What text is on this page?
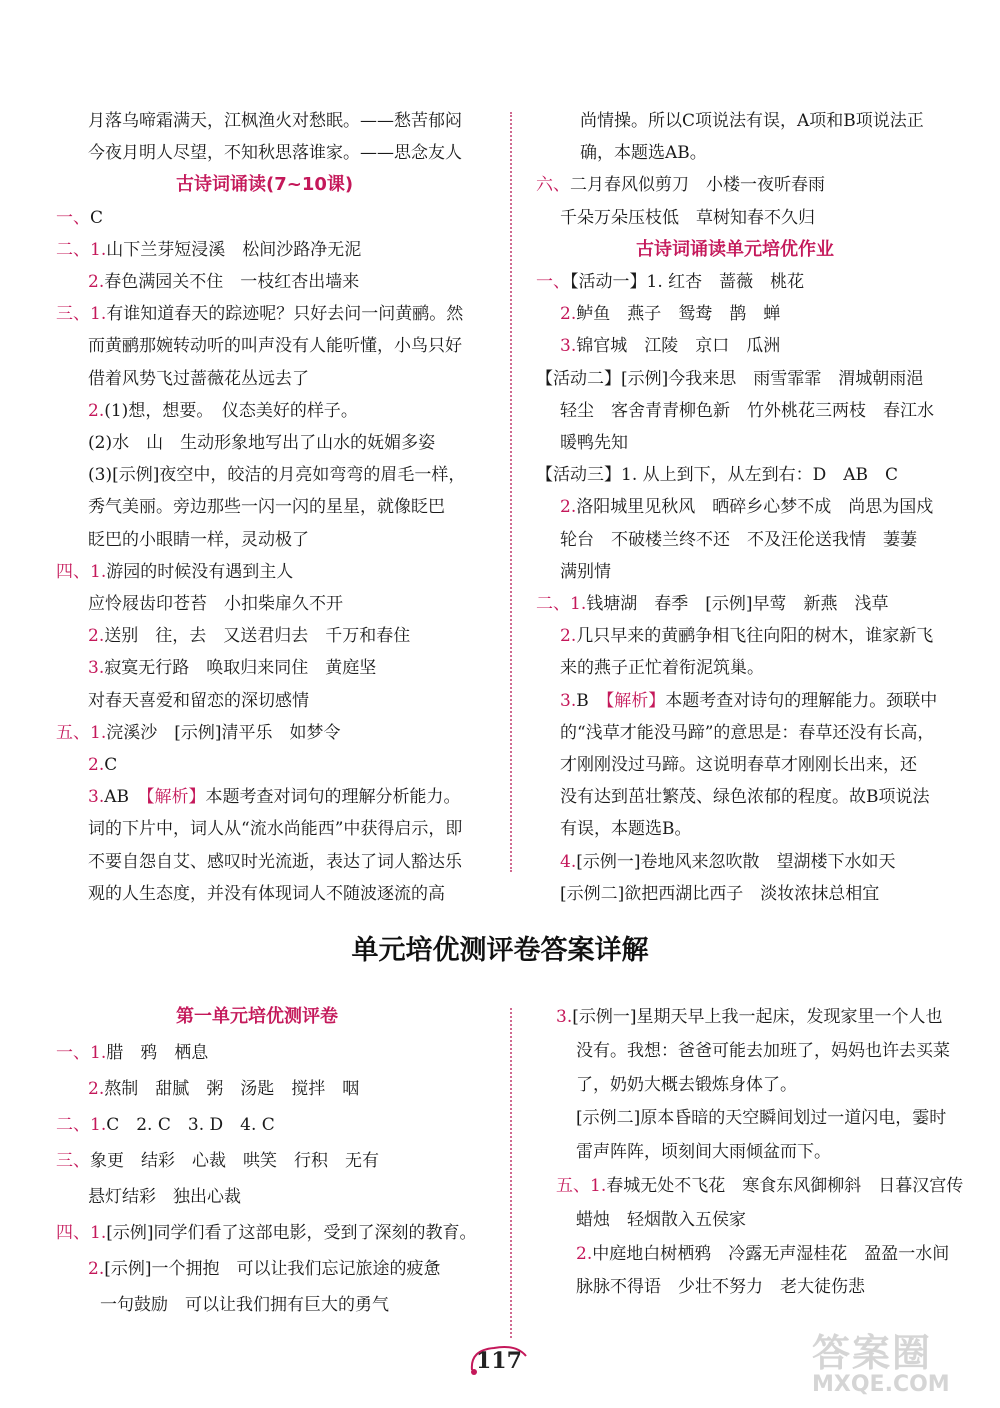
月落乌啼霜满天，江枫渔火对愁眠。——愁苦郁闷
今夜月明人尽望，不知秋思落谁家。——思念友人
古诗词诵读(7~10课)
一、C
二、1.山下兰芽短浸溪　松间沙路净无泥
2.春色满园关不住　一枝红杏出墙来
三、1.有谁知道春天的踪迹呢？只好去问一问黄鹂。然
而黄鹂那婉转动听的叫声没有人能听懂，小鸟只好
借着风势飞过蔷薇花丛远去了
2.(1)想，想要。　仪态美好的样子。
(2)水　山　生动形象地写出了山水的妩媚多姿
(3)[示例]夜空中，皎洁的月亮如弯弯的眉毛一样，
秀气美丽。旁边那些一闪一闪的星星，就像眨巴
眨巴的小眼睛一样，灵动极了
四、1.游园的时候没有遇到主人
应怜屐齿印苍苔　小扣柴扉久不开
2.送别　往，去　又送君归去　千万和春住
3.寂寞无行路　唤取归来同住　黄庭坚
对春天喜爱和留恋的深切感情
五、1.浣溪沙　[示例]清平乐　如梦令
2.C
3.AB　【解析】本题考查对词句的理解分析能力。
词的下片中，词人从“流水尚能西”中获得启示，即
不要自怨自艾、感叹时光流逝，表达了词人豁达乐
观的人生态度，并没有体现词人不随波逐流的高
尚情操。所以C项说法有误，A项和B项说法正
确，本题选AB。
六、二月春风似剪刀　小楼一夜听春雨
千朵万朵压枝低　草树知春不久归
古诗词诵读单元培优作业
一、【活动一】1. 红杏　蔷薇　桃花
2.鲈鱼　燕子　鸳鸯　鹊　蝉
3.锦官城　江陵　京口　瓜洲
【活动二】[示例]今我来思　雨雪霏霏　渭城朝雨浥
轻尘　客舍青青柳色新　竹外桃花三两枝　春江水
暖鸭先知
【活动三】1. 从上到下，从左到右：D　AB　C
2.洛阳城里见秋风　晒碎乡心梦不成　尚思为国戍
轮台　不破楼兰终不还　不及汪伦送我情　萋萋
满别情
二、1.钱塘湖　春季　[示例]早莺　新燕　浅草
2.几只早来的黄鹂争相飞往向阳的树木，谁家新飞
来的燕子正忙着衔泥筑巢。
3.B　【解析】本题考查对诗句的理解能力。颈联中
的“浅草才能没马蹄”的意思是：春草还没有长高，
才刚刚没过马蹄。这说明春草才刚刚长出来，还
没有达到茁壮繁茂、绿色浓郁的程度。故B项说法
有误，本题选B。
4.[示例一]卷地风来忽吹散　望湖楼下水如天
[示例二]欲把西湖比西子　淡妆浓抹总相宜
第一单元培优测评卷
一、1.腊　鸦　栖息
2.熬制　甜腻　粥　汤匙　搅拌　咽
二、1.C　2. C　3. D　4. C
三、象更　结彩　心裁　哄笑　行积　无有
悬灯结彩　独出心裁
四、1.[示例]同学们看了这部电影，受到了深刻的教育。
2.[示例]一个拥抱　可以让我们忘记旅途的疲惫
一句鼓励　可以让我们拥有巨大的勇气
3.[示例一]星期天早上我一起床，发现家里一个人也
没有。我想：爸爸可能去加班了，妈妈也许去买菜
了，奶奶大概去锻炼身体了。
[示例二]原本昏暗的天空瞬间划过一道闪电，霎时
雷声阵阵，顷刻间大雨倾盆而下。
五、1.春城无处不飞花　寒食东风御柳斜　日暮汉宫传
蜡烛　轻烟散入五侯家
2.中庭地白树栖鸦　冷露无声湿桂花　盈盈一水间
脉脉不得语　少壮不努力　老大徒伤悲
单元培优测评卷答案详解
117	答案圈
MXQE.COM
